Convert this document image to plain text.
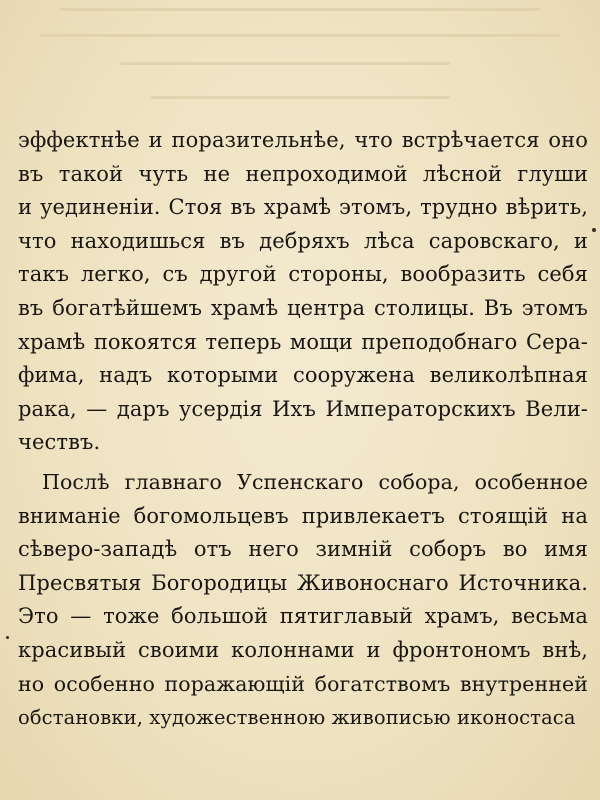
эффектнѣе и поразительнѣе, что встрѣчается оно
въ такой чуть не непроходимой лѣсной глуши
и уединеніи. Стоя въ храмѣ этомъ, трудно вѣрить,
что находишься въ дебряхъ лѣса саровскаго, и
такъ легко, съ другой стороны, вообразить себя
въ богатѣйшемъ храмѣ центра столицы. Въ этомъ
храмѣ покоятся теперь мощи преподобнаго Сера-
фима, надъ которыми сооружена великолѣпная
рака, — даръ усердія Ихъ Императорскихъ Вели-
чествъ.

Послѣ главнаго Успенскаго собора, особенное
вниманіе богомольцевъ привлекаетъ стоящій на
сѣверо-западѣ отъ него зимній соборъ во имя
Пресвятыя Богородицы Живоноснаго Источника.
Это — тоже большой пятиглавый храмъ, весьма
красивый своими колоннами и фронтономъ внѣ,
но особенно поражающій богатствомъ внутренней
обстановки, художественною живописью иконостаса
